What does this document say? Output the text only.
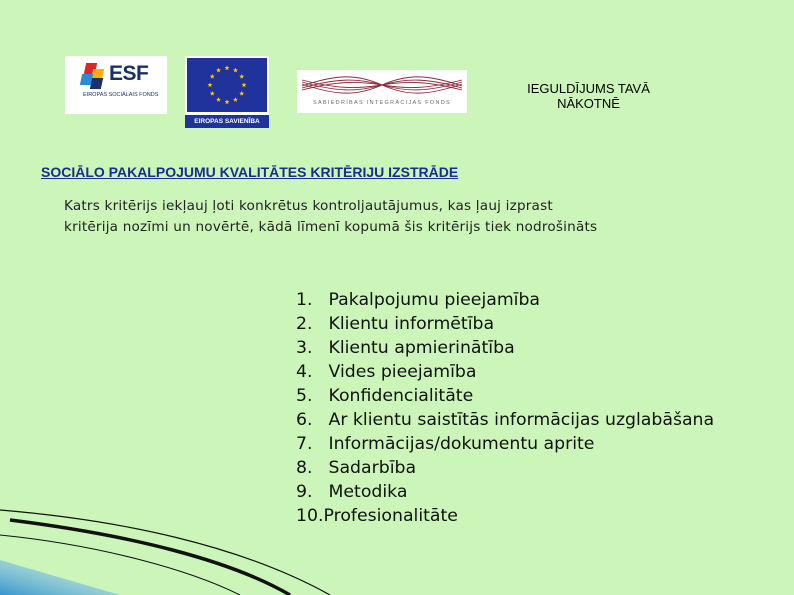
ESF
EIROPAS SOCIĀLAIS FONDS
EIROPAS SAVIENĪBA
SABIEDRĪBAS INTEGRĀCIJAS FONDS
IEGULDĪJUMS TAVĀ
NĀKOTNĒ
SOCIĀLO PAKALPOJUMU KVALITĀTES KRITĒRIJU IZSTRĀDE

Katrs kritērijs iekļauj ļoti konkrētus kontroljautājumus, kas ļauj izprast
kritērija nozīmi un novērtē, kādā līmenī kopumā šis kritērijs tiek nodrošināts

1. Pakalpojumu pieejamība
2. Klientu informētība
3. Klientu apmierinātība
4. Vides pieejamība
5. Konfidencialitāte
6. Ar klientu saistītās informācijas uzglabāšana
7. Informācijas/dokumentu aprite
8. Sadarbība
9. Metodika
10.Profesionalitāte
